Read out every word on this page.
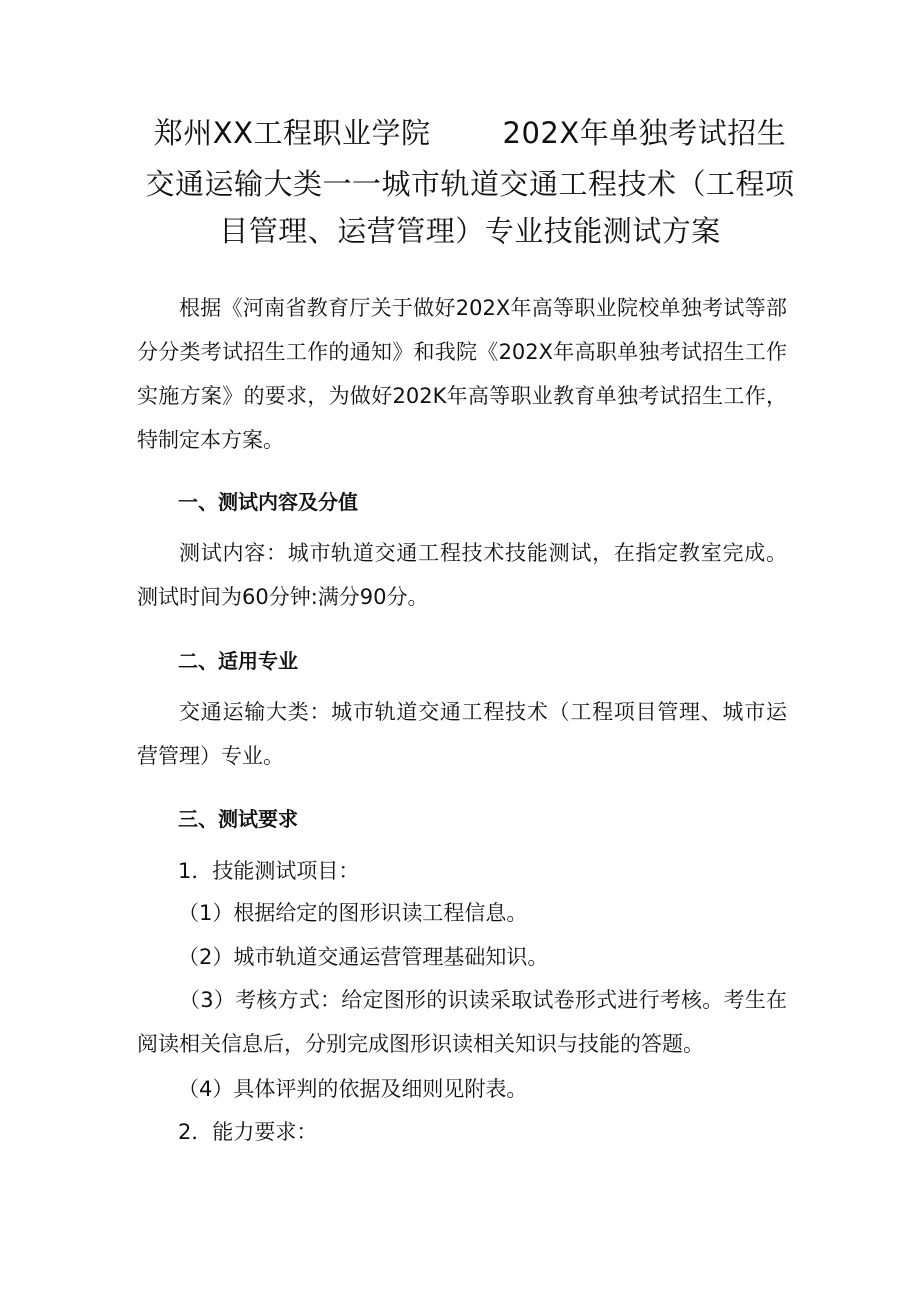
郑州XX工程职业学院 202X年单独考试招生
交通运输大类一一城市轨道交通工程技术（工程项
目管理、运营管理）专业技能测试方案
根据《河南省教育厅关于做好202X年高等职业院校单独考试等部分分类考试招生工作的通知》和我院《202X年高职单独考试招生工作实施方案》的要求，为做好202K年高等职业教育单独考试招生工作，特制定本方案。
一、测试内容及分值
测试内容：城市轨道交通工程技术技能测试，在指定教室完成。测试时间为60分钟:满分90分。
二、适用专业
交通运输大类：城市轨道交通工程技术（工程项目管理、城市运营管理）专业。
三、测试要求
1．技能测试项目：
（1）根据给定的图形识读工程信息。
（2）城市轨道交通运营管理基础知识。
（3）考核方式：给定图形的识读采取试卷形式进行考核。考生在阅读相关信息后，分别完成图形识读相关知识与技能的答题。
（4）具体评判的依据及细则见附表。
2．能力要求：
